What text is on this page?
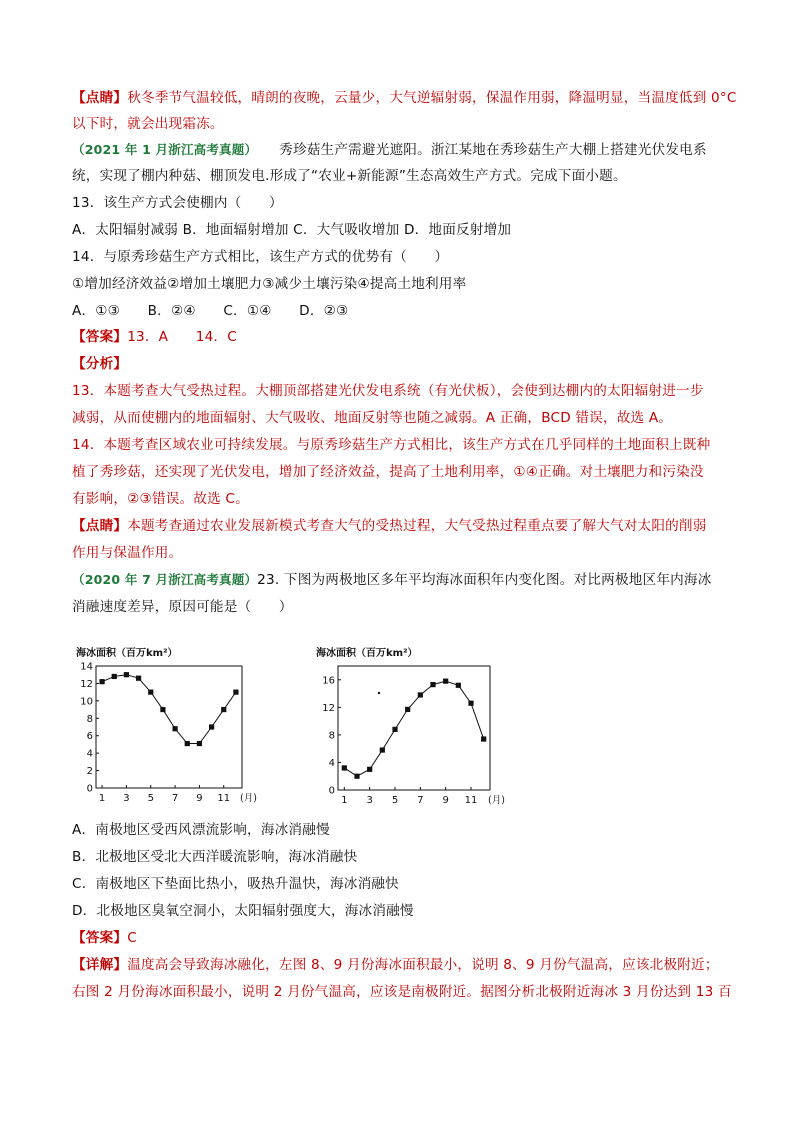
【点睛】秋冬季节气温较低，晴朗的夜晚，云量少，大气逆辐射弱，保温作用弱，降温明显，当温度低到 0°C
以下时，就会出现霜冻。
（2021 年 1 月浙江高考真题） 秀珍菇生产需避光遮阳。浙江某地在秀珍菇生产大棚上搭建光伏发电系
统，实现了棚内种菇、棚顶发电.形成了“农业+新能源”生态高效生产方式。完成下面小题。
13．该生产方式会使棚内（　　）
A．太阳辐射减弱 B．地面辐射增加 C．大气吸收增加 D．地面反射增加
14．与原秀珍菇生产方式相比，该生产方式的优势有（　　）
①增加经济效益②增加土壤肥力③减少土壤污染④提高土地利用率
A．①③　　B．②④　　C．①④　　D．②③
【答案】13．A　　14．C
【分析】
13．本题考查大气受热过程。大棚顶部搭建光伏发电系统（有光伏板），会使到达棚内的太阳辐射进一步
减弱，从而使棚内的地面辐射、大气吸收、地面反射等也随之减弱。A 正确，BCD 错误，故选 A。
14．本题考查区域农业可持续发展。与原秀珍菇生产方式相比，该生产方式在几乎同样的土地面积上既种
植了秀珍菇，还实现了光伏发电，增加了经济效益，提高了土地利用率，①④正确。对土壤肥力和污染没
有影响，②③错误。故选 C。
【点睛】本题考查通过农业发展新模式考查大气的受热过程，大气受热过程重点要了解大气对太阳的削弱
作用与保温作用。
（2020 年 7 月浙江高考真题）23. 下图为两极地区多年平均海冰面积年内变化图。对比两极地区年内海冰
消融速度差异，原因可能是（　　）
海冰面积（百万km²）
0
2
4
6
8
10
12
14
1 3 5 7 9 11 (月)
海冰面积（百万km²）
0
4
8
12
16
1 3 5 7 9 11 (月)
A．南极地区受西风漂流影响，海冰消融慢
B．北极地区受北大西洋暖流影响，海冰消融快
C．南极地区下垫面比热小，吸热升温快，海冰消融快
D．北极地区臭氧空洞小，太阳辐射强度大，海冰消融慢
【答案】C
【详解】温度高会导致海冰融化，左图 8、9 月份海冰面积最小，说明 8、9 月份气温高，应该北极附近；
右图 2 月份海冰面积最小，说明 2 月份气温高，应该是南极附近。据图分析北极附近海冰 3 月份达到 13 百
